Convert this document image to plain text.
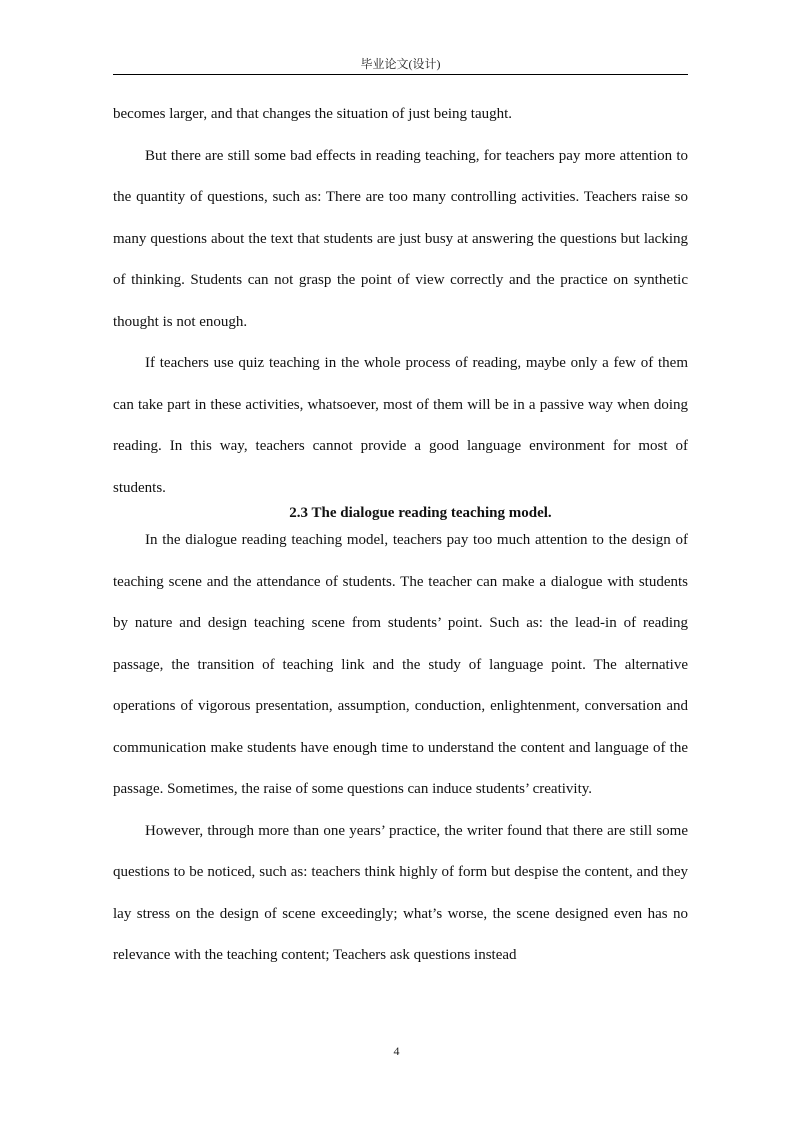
毕业论文(设计)

becomes larger, and that changes the situation of just being taught.

But there are still some bad effects in reading teaching, for teachers pay more attention to the quantity of questions, such as: There are too many controlling activities. Teachers raise so many questions about the text that students are just busy at answering the questions but lacking of thinking. Students can not grasp the point of view correctly and the practice on synthetic thought is not enough.

If teachers use quiz teaching in the whole process of reading, maybe only a few of them can take part in these activities, whatsoever, most of them will be in a passive way when doing reading. In this way, teachers cannot provide a good language environment for most of students.

2.3 The dialogue reading teaching model.

In the dialogue reading teaching model, teachers pay too much attention to the design of teaching scene and the attendance of students. The teacher can make a dialogue with students by nature and design teaching scene from students’ point. Such as: the lead-in of reading passage, the transition of teaching link and the study of language point. The alternative operations of vigorous presentation, assumption, conduction, enlightenment, conversation and communication make students have enough time to understand the content and language of the passage. Sometimes, the raise of some questions can induce students’ creativity.

However, through more than one years’ practice, the writer found that there are still some questions to be noticed, such as: teachers think highly of form but despise the content, and they lay stress on the design of scene exceedingly; what’s worse, the scene designed even has no relevance with the teaching content; Teachers ask questions instead

4
